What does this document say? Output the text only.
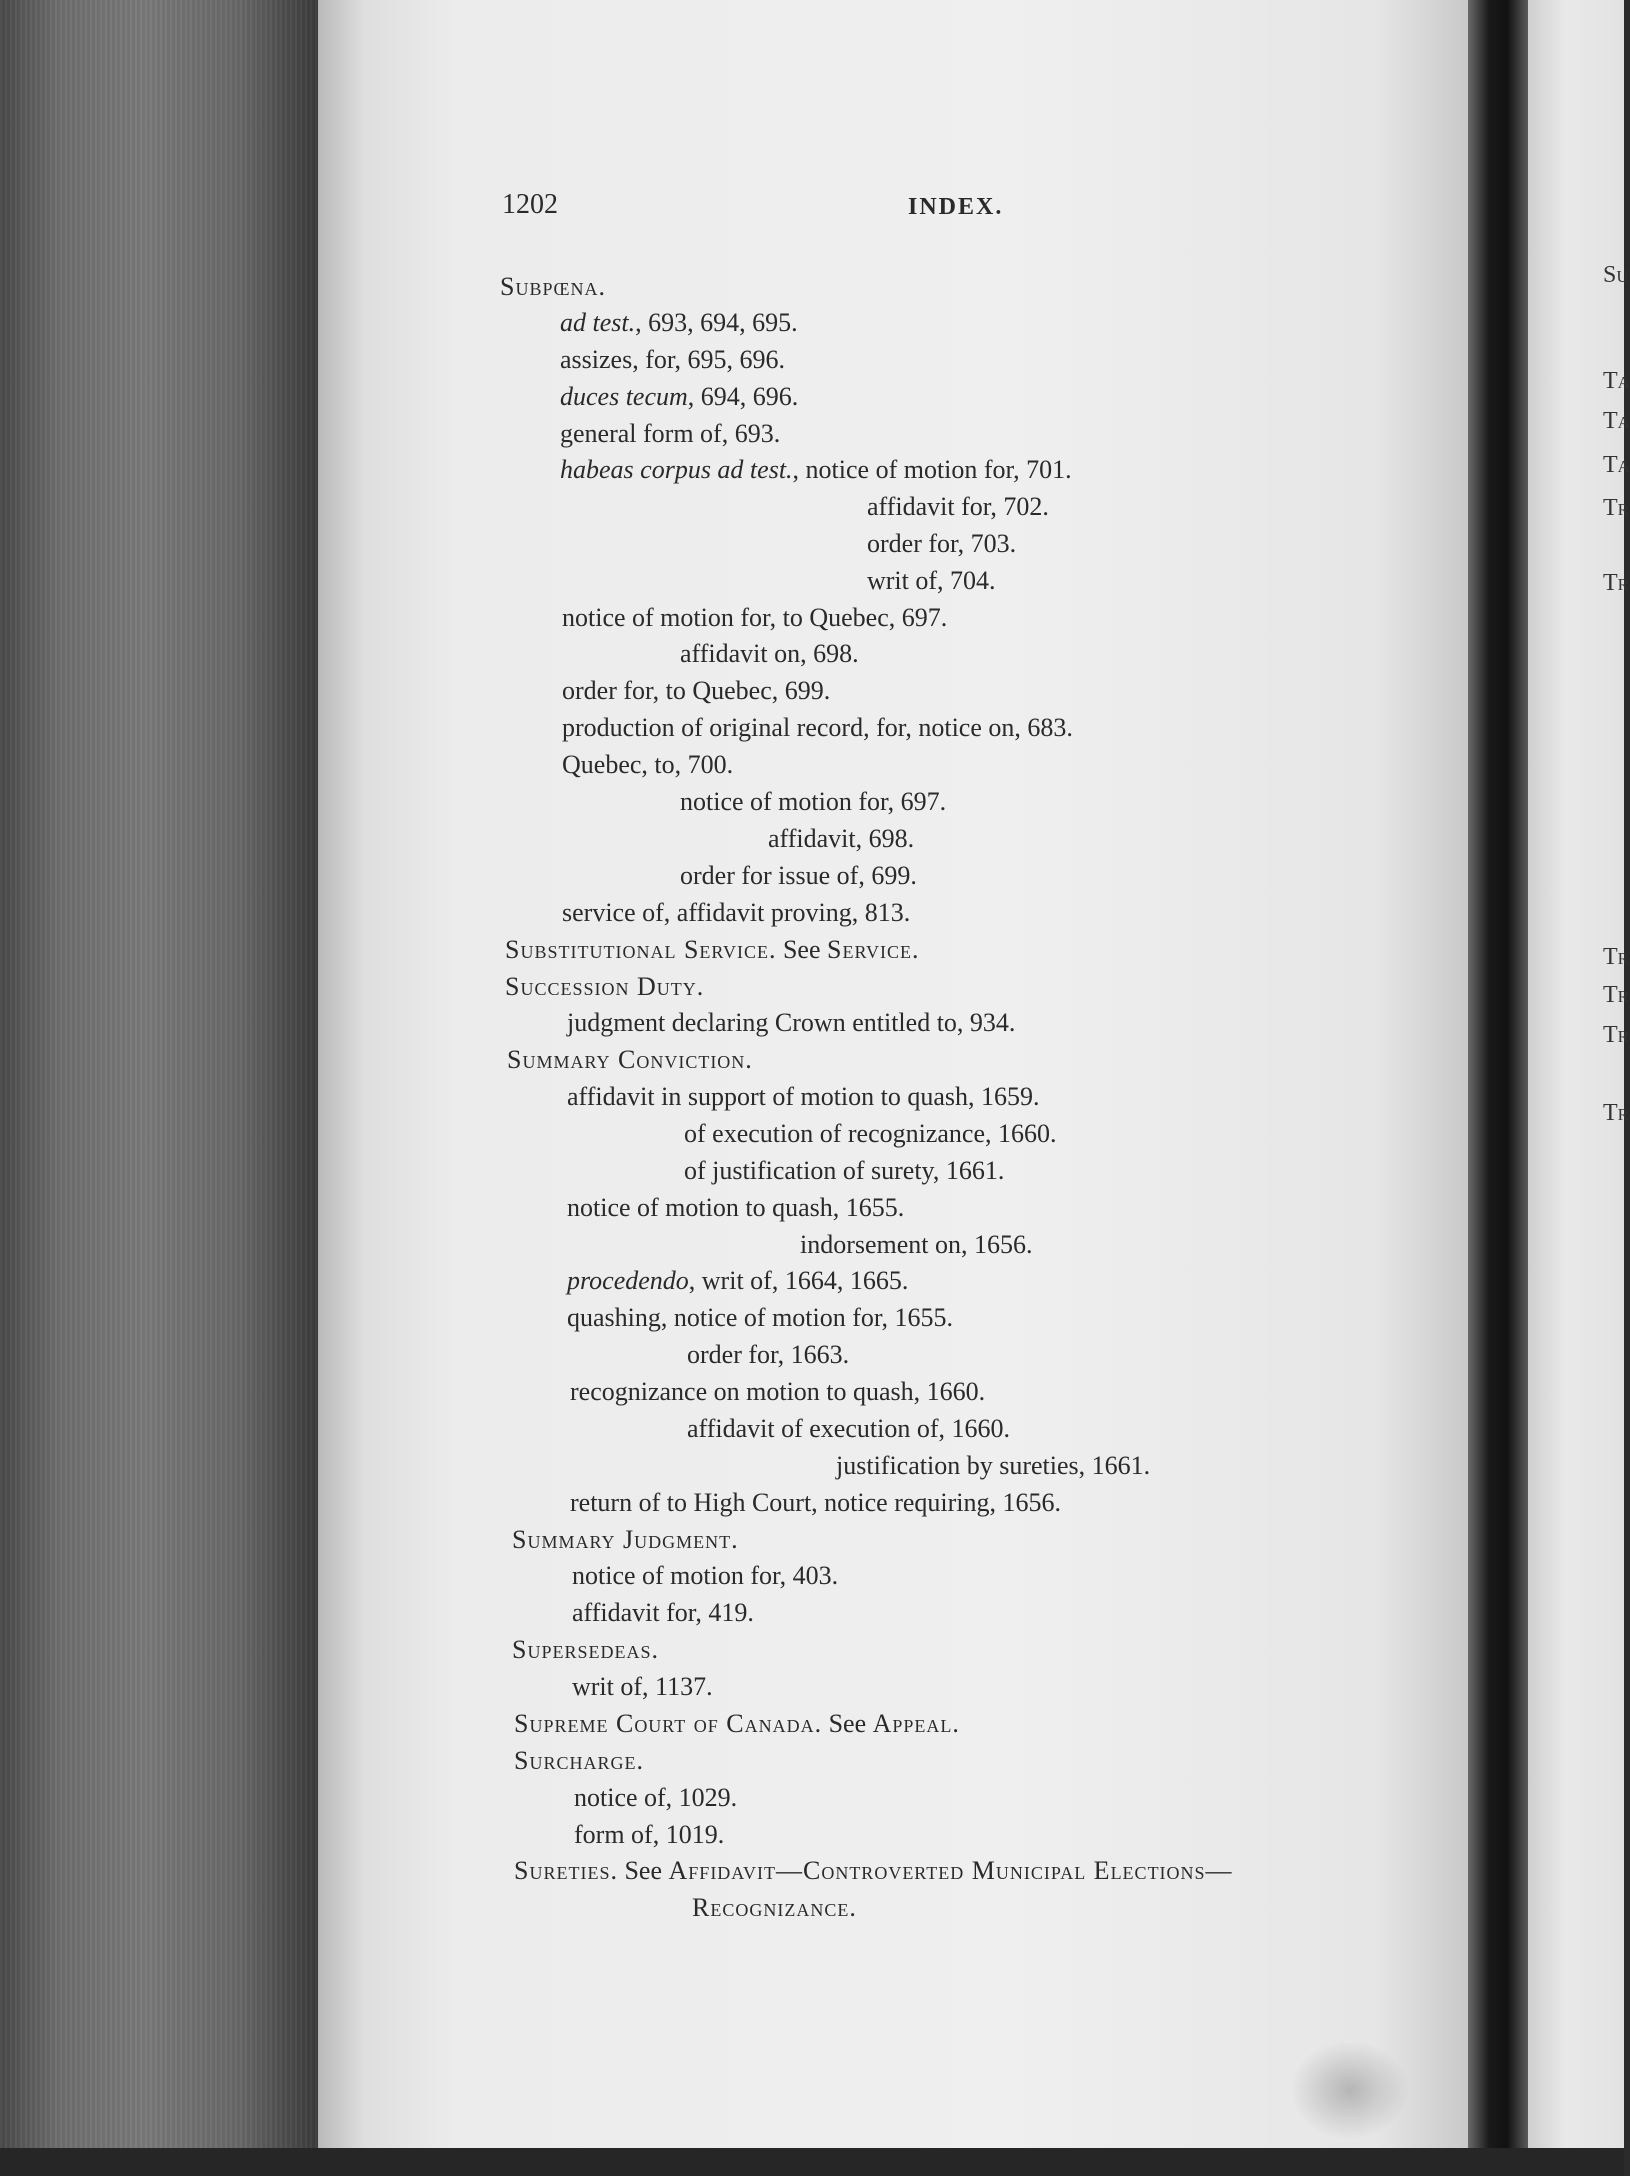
1202	INDEX.
Subpœna.
ad test., 693, 694, 695.
assizes, for, 695, 696.
duces tecum, 694, 696.
general form of, 693.
habeas corpus ad test., notice of motion for, 701.
affidavit for, 702.
order for, 703.
writ of, 704.
notice of motion for, to Quebec, 697.
affidavit on, 698.
order for, to Quebec, 699.
production of original record, for, notice on, 683.
Quebec, to, 700.
notice of motion for, 697.
affidavit, 698.
order for issue of, 699.
service of, affidavit proving, 813.
Substitutional Service. See Service.
Succession Duty.
judgment declaring Crown entitled to, 934.
Summary Conviction.
affidavit in support of motion to quash, 1659.
of execution of recognizance, 1660.
of justification of surety, 1661.
notice of motion to quash, 1655.
indorsement on, 1656.
procedendo, writ of, 1664, 1665.
quashing, notice of motion for, 1655.
order for, 1663.
recognizance on motion to quash, 1660.
affidavit of execution of, 1660.
justification by sureties, 1661.
return of to High Court, notice requiring, 1656.
Summary Judgment.
notice of motion for, 403.
affidavit for, 419.
Supersedeas.
writ of, 1137.
Supreme Court of Canada. See Appeal.
Surcharge.
notice of, 1029.
form of, 1019.
Sureties. See Affidavit—Controverted Municipal Elections—
Recognizance.
Su
Ta
Ta
Ta
Tr
Tr
Tr
Tr
Tr
Tr
